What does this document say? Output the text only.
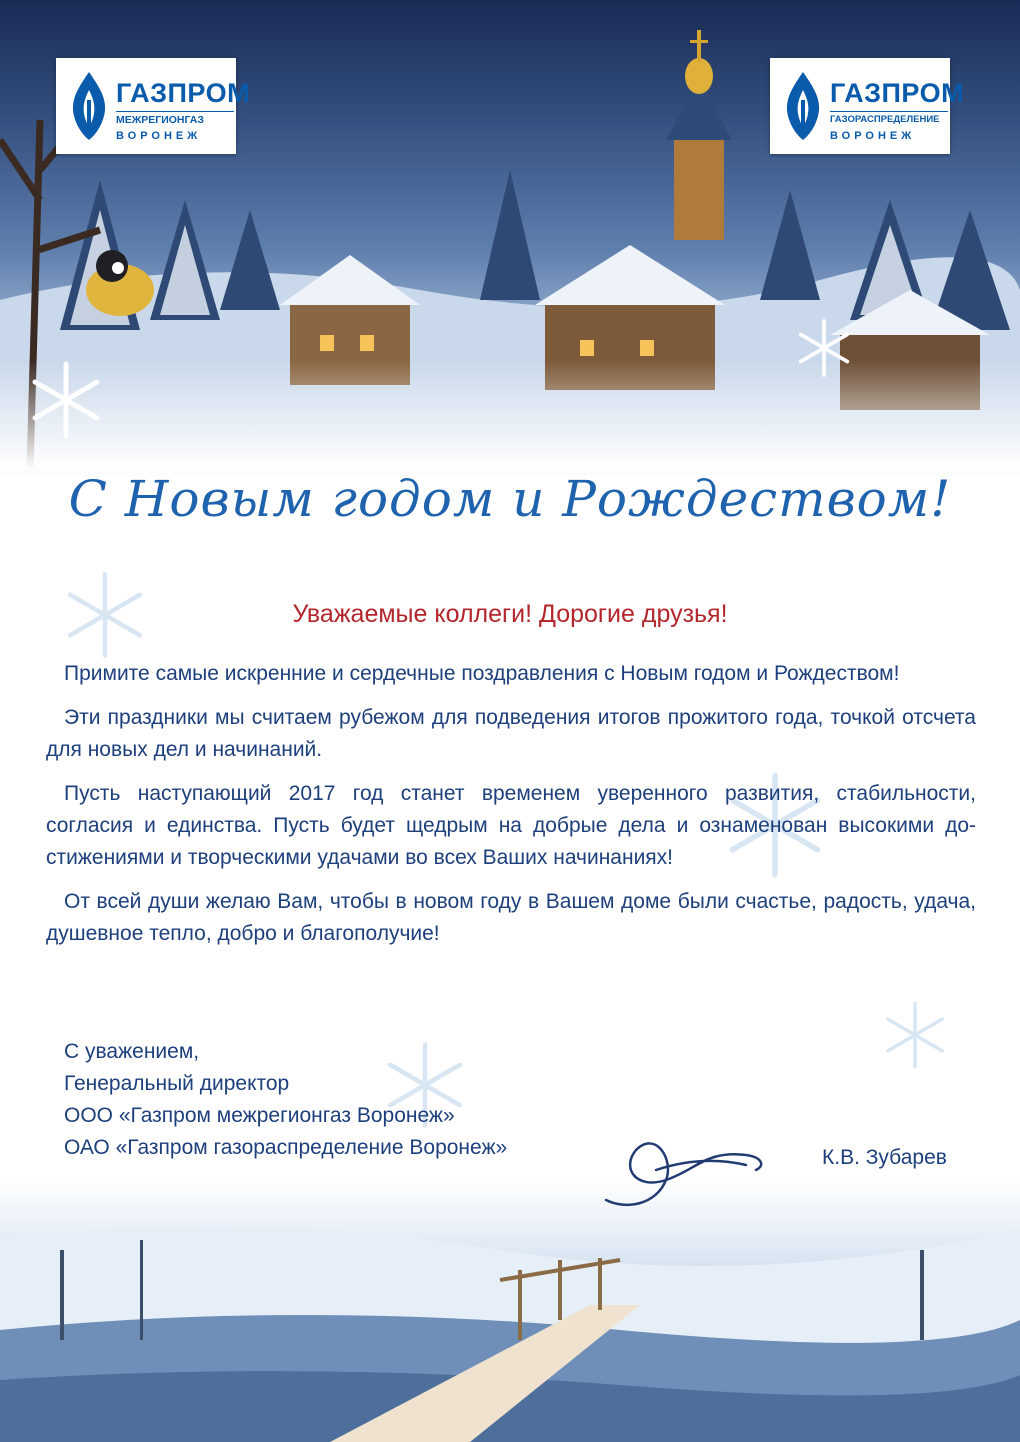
ГАЗПРОМ
МЕЖРЕГИОНГАЗ
ВОРОНЕЖ
ГАЗПРОМ
ГАЗОРАСПРЕДЕЛЕНИЕ
ВОРОНЕЖ
С Новым годом и Рождеством!
Уважаемые коллеги! Дорогие друзья!

Примите самые искренние и сердечные поздравления с Новым годом и Рождеством!

Эти праздники мы считаем рубежом для подведения итогов прожитого года, точкой отсчета для новых дел и начинаний.

Пусть наступающий 2017 год станет временем уверенного развития, стабильности, согласия и единства. Пусть будет щедрым на добрые дела и ознаменован высокими до-стижениями и творческими удачами во всех Ваших начинаниях!

От всей души желаю Вам, чтобы в новом году в Вашем доме были счастье, радость, удача, душевное тепло, добро и благополучие!

С уважением,
Генеральный директор
ООО «Газпром межрегионгаз Воронеж»
ОАО «Газпром газораспределение Воронеж»	К.В. Зубарев
